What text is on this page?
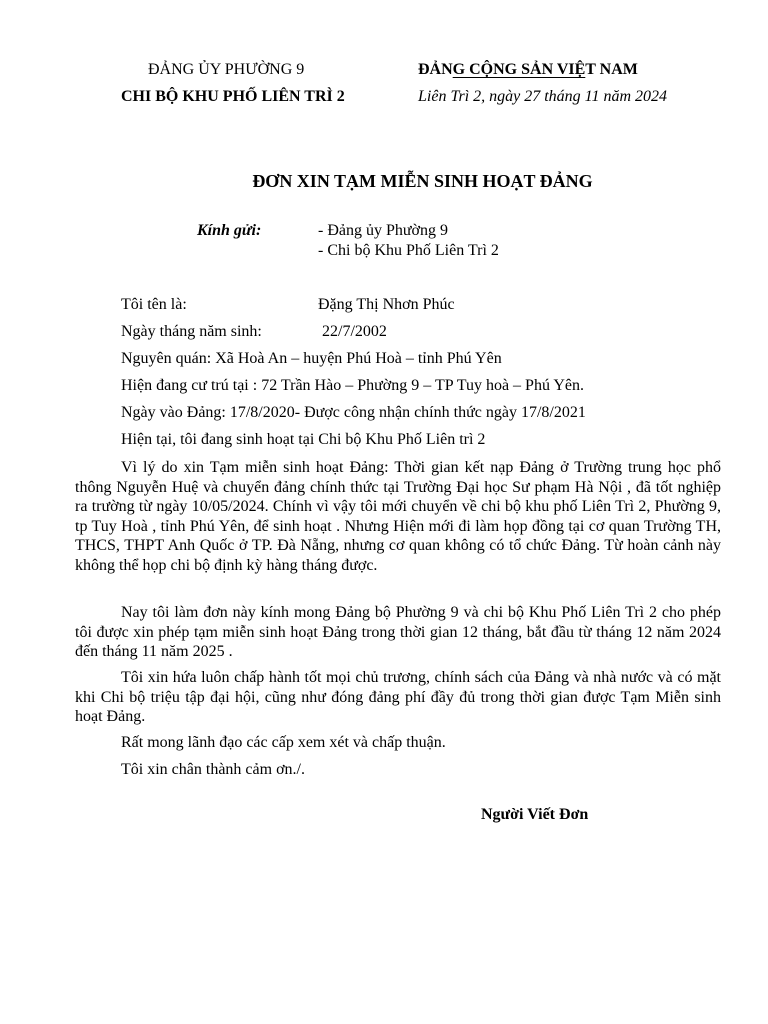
ĐẢNG ỦY PHƯỜNG 9
CHI BỘ KHU PHỐ LIÊN TRÌ 2
ĐẢNG CỘNG SẢN VIỆT NAM
Liên Trì 2, ngày 27 tháng 11 năm 2024
ĐƠN XIN TẠM MIỄN SINH HOẠT ĐẢNG
Kính gửi:	- Đảng ủy Phường 9
- Chi bộ Khu Phố Liên Trì 2
Tôi tên là:	Đặng Thị Nhơn Phúc
Ngày tháng năm sinh:	22/7/2002
Nguyên quán: Xã Hoà An – huyện Phú Hoà – tỉnh Phú Yên
Hiện đang cư trú tại : 72 Trần Hào – Phường 9 – TP Tuy hoà – Phú Yên.
Ngày vào Đảng: 17/8/2020- Được công nhận chính thức ngày 17/8/2021
Hiện tại, tôi đang sinh hoạt tại Chi bộ Khu Phố Liên trì 2

Vì lý do xin Tạm miễn sinh hoạt Đảng: Thời gian kết nạp Đảng ở Trường trung học phổ thông Nguyễn Huệ và chuyển đảng chính thức tại Trường Đại học Sư phạm Hà Nội , đã tốt nghiệp ra trường từ ngày 10/05/2024. Chính vì vậy tôi mới chuyển về chi bộ khu phố Liên Trì 2, Phường 9, tp Tuy Hoà , tỉnh Phú Yên, để sinh hoạt . Nhưng Hiện mới đi làm họp đồng tại cơ quan Trường TH, THCS, THPT Anh Quốc ở TP. Đà Nẵng, nhưng cơ quan không có tổ chức Đảng. Từ hoàn cảnh này không thể họp chi bộ định kỳ hàng tháng được.

Nay tôi làm đơn này kính mong Đảng bộ Phường 9 và chi bộ Khu Phố Liên Trì 2 cho phép tôi được xin phép tạm miễn sinh hoạt Đảng trong thời gian 12 tháng, bắt đầu từ tháng 12 năm 2024 đến tháng 11 năm 2025 .

Tôi xin hứa luôn chấp hành tốt mọi chủ trương, chính sách của Đảng và nhà nước và có mặt khi Chi bộ triệu tập đại hội, cũng như đóng đảng phí đầy đủ trong thời gian được Tạm Miễn sinh hoạt Đảng.

Rất mong lãnh đạo các cấp xem xét và chấp thuận.
Tôi xin chân thành cảm ơn./.
Người Viết Đơn
